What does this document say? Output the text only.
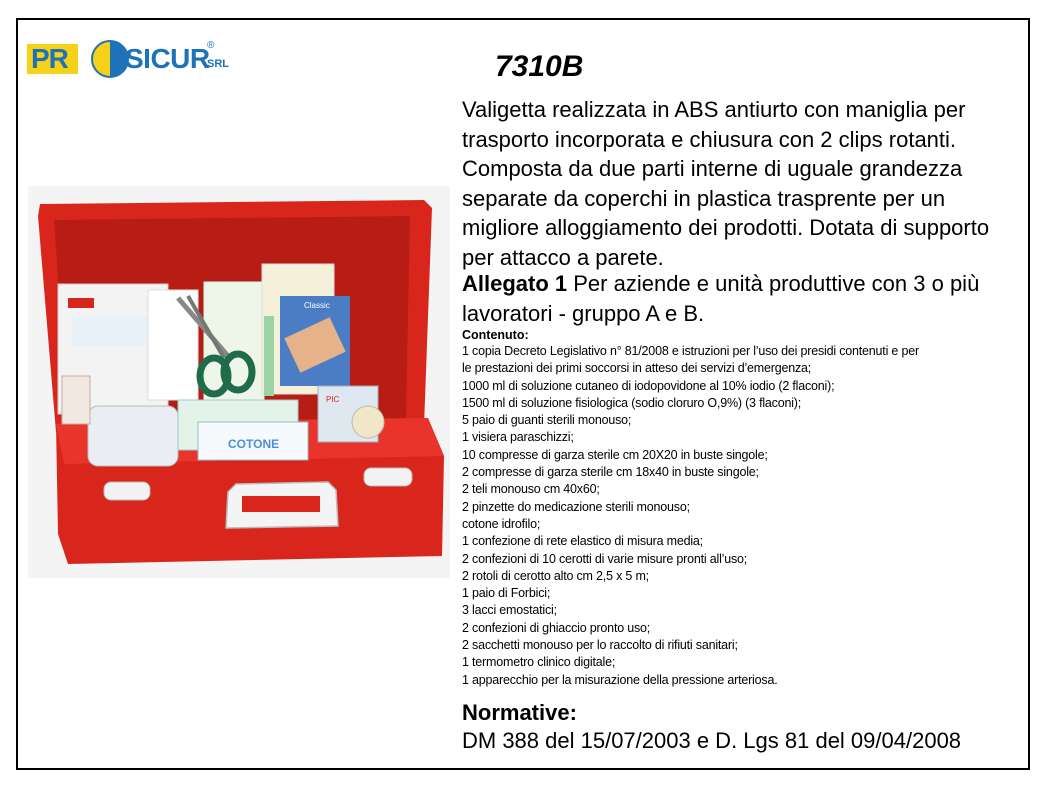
PR	SICUR
®
SRL	7310B
Valigetta realizzata in ABS antiurto con maniglia per trasporto incorporata e chiusura con 2 clips rotanti. Composta da due parti interne di uguale grandezza separate da coperchi in plastica trasprente per un migliore alloggiamento dei prodotti. Dotata di supporto per attacco a parete.
Allegato 1 Per aziende e unità produttive con 3 o più lavoratori - gruppo A e B.
Contenuto:
1 copia Decreto Legislativo n° 81/2008 e istruzioni per l’uso dei presidi contenuti e per
le prestazioni dei primi soccorsi in atteso dei servizi d’emergenza;
1000 ml di soluzione cutaneo di iodopovidone al 10% iodio (2 flaconi);
1500 ml di soluzione fisiologica (sodio cloruro O,9%) (3 flaconi);
5 paio di guanti sterili monouso;
1 visiera paraschizzi;
10 compresse di garza sterile cm 20X20 in buste singole;
2 compresse di garza sterile cm 18x40 in buste singole;
2 teli monouso cm 40x60;
2 pinzette do medicazione sterili monouso;
cotone idrofilo;
1 confezione di rete elastico di misura media;
2 confezioni di 10 cerotti di varie misure pronti all’uso;
2 rotoli di cerotto alto cm 2,5 x 5 m;
1 paio di Forbici;
3 lacci emostatici;
2 confezioni di ghiaccio pronto uso;
2 sacchetti monouso per lo raccolto di rifiuti sanitari;
1 termometro clinico digitale;
1 apparecchio per la misurazione della pressione arteriosa.
Normative:
DM 388 del 15/07/2003 e D. Lgs 81 del 09/04/2008
Classic
COTONE
PIC
